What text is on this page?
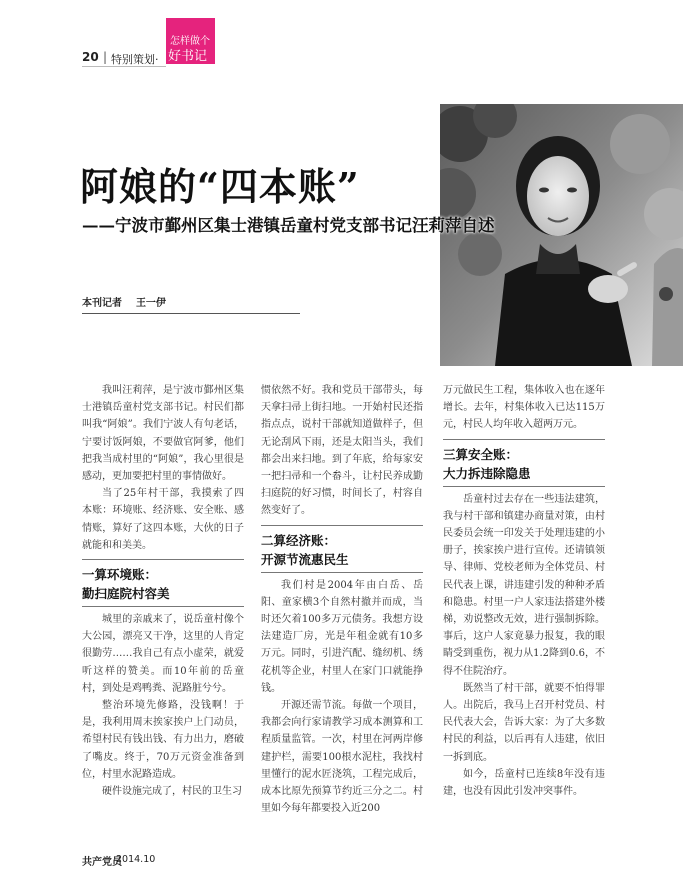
20 | 特别策划·
怎样做个
好书记
阿娘的“四本账”
——宁波市鄞州区集士港镇岳童村党支部书记汪莉萍自述
本刊记者 王一伊

我叫汪莉萍，是宁波市鄞州区集士港镇岳童村党支部书记。村民们都叫我“阿娘”。我们宁波人有句老话，宁要讨饭阿娘，不要做官阿爹，他们把我当成村里的“阿娘”，我心里很是感动，更加要把村里的事情做好。

当了25年村干部，我摸索了四本账：环境账、经济账、安全账、感情账，算好了这四本账，大伙的日子就能和和美美。

一算环境账：
勤扫庭院村容美

城里的亲戚来了，说岳童村像个大公园，漂亮又干净，这里的人肯定很勤劳……我自己有点小虚荣，就爱听这样的赞美。而10年前的岳童村，到处是鸡鸭粪、泥路脏兮兮。

整治环境先修路，没钱啊！于是，我利用周末挨家挨户上门动员，希望村民有钱出钱、有力出力，磨破了嘴皮。终于，70万元资金准备到位，村里水泥路造成。

硬件设施完成了，村民的卫生习

惯依然不好。我和党员干部带头，每天拿扫帚上街扫地。一开始村民还指指点点，说村干部就知道做样子，但无论刮风下雨，还是太阳当头，我们都会出来扫地。到了年底，给每家安一把扫帚和一个畚斗，让村民养成勤扫庭院的好习惯，时间长了，村容自然变好了。

二算经济账：
开源节流惠民生

我们村是2004年由白岳、岳阳、童家横3个自然村撤并而成，当时还欠着100多万元债务。我想方设法建造厂房，光是年租金就有10多万元。同时，引进汽配、缝纫机、绣花机等企业，村里人在家门口就能挣钱。

开源还需节流。每做一个项目，我都会向行家请教学习成本测算和工程质量监管。一次，村里在河两岸修建护栏，需要100根水泥柱，我找村里懂行的泥水匠浇筑，工程完成后，成本比原先预算节约近三分之二。村里如今每年都要投入近200

万元做民生工程，集体收入也在逐年增长。去年，村集体收入已达115万元，村民人均年收入超两万元。

三算安全账：
大力拆违除隐患

岳童村过去存在一些违法建筑，我与村干部和镇建办商量对策，由村民委员会统一印发关于处理违建的小册子，挨家挨户进行宣传。还请镇领导、律师、党校老师为全体党员、村民代表上课，讲违建引发的种种矛盾和隐患。村里一户人家违法搭建外楼梯，劝说整改无效，进行强制拆除。事后，这户人家竟暴力报复，我的眼睛受到重伤，视力从1.2降到0.6，不得不住院治疗。

既然当了村干部，就要不怕得罪人。出院后，我马上召开村党员、村民代表大会，告诉大家：为了大多数村民的利益，以后再有人违建，依旧一拆到底。

如今，岳童村已连续8年没有违建，也没有因此引发冲突事件。

共产党员
2014.10
